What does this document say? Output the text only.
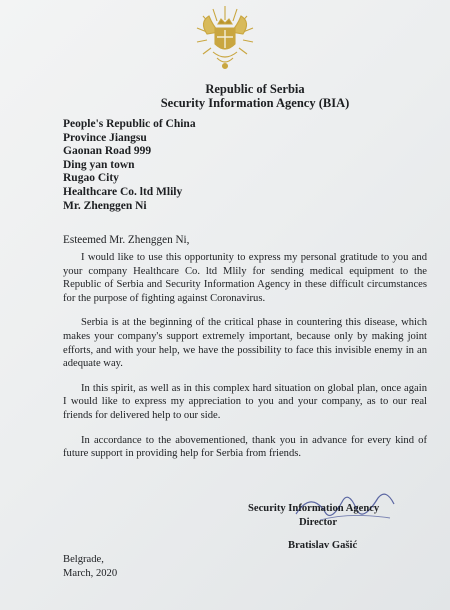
Republic of Serbia
Security Information Agency (BIA)
People's Republic of China
Province Jiangsu
Gaonan Road 999
Ding yan town
Rugao City
Healthcare Co. ltd Mlily
Mr. Zhenggen Ni
Esteemed Mr. Zhenggen Ni,

I would like to use this opportunity to express my personal gratitude to you and your company Healthcare Co. ltd Mlily for sending medical equipment to the Republic of Serbia and Security Information Agency in these difficult circumstances for the purpose of fighting against Coronavirus.

Serbia is at the beginning of the critical phase in countering this disease, which makes your company's support extremely important, because only by making joint efforts, and with your help, we have the possibility to face this invisible enemy in an adequate way.

In this spirit, as well as in this complex hard situation on global plan, once again I would like to express my appreciation to you and your company, as to our real friends for delivered help to our side.

In accordance to the abovementioned, thank you in advance for every kind of future support in providing help for Serbia from friends.

Security Information Agency
Director
Bratislav Gašić
Belgrade,
March, 2020
